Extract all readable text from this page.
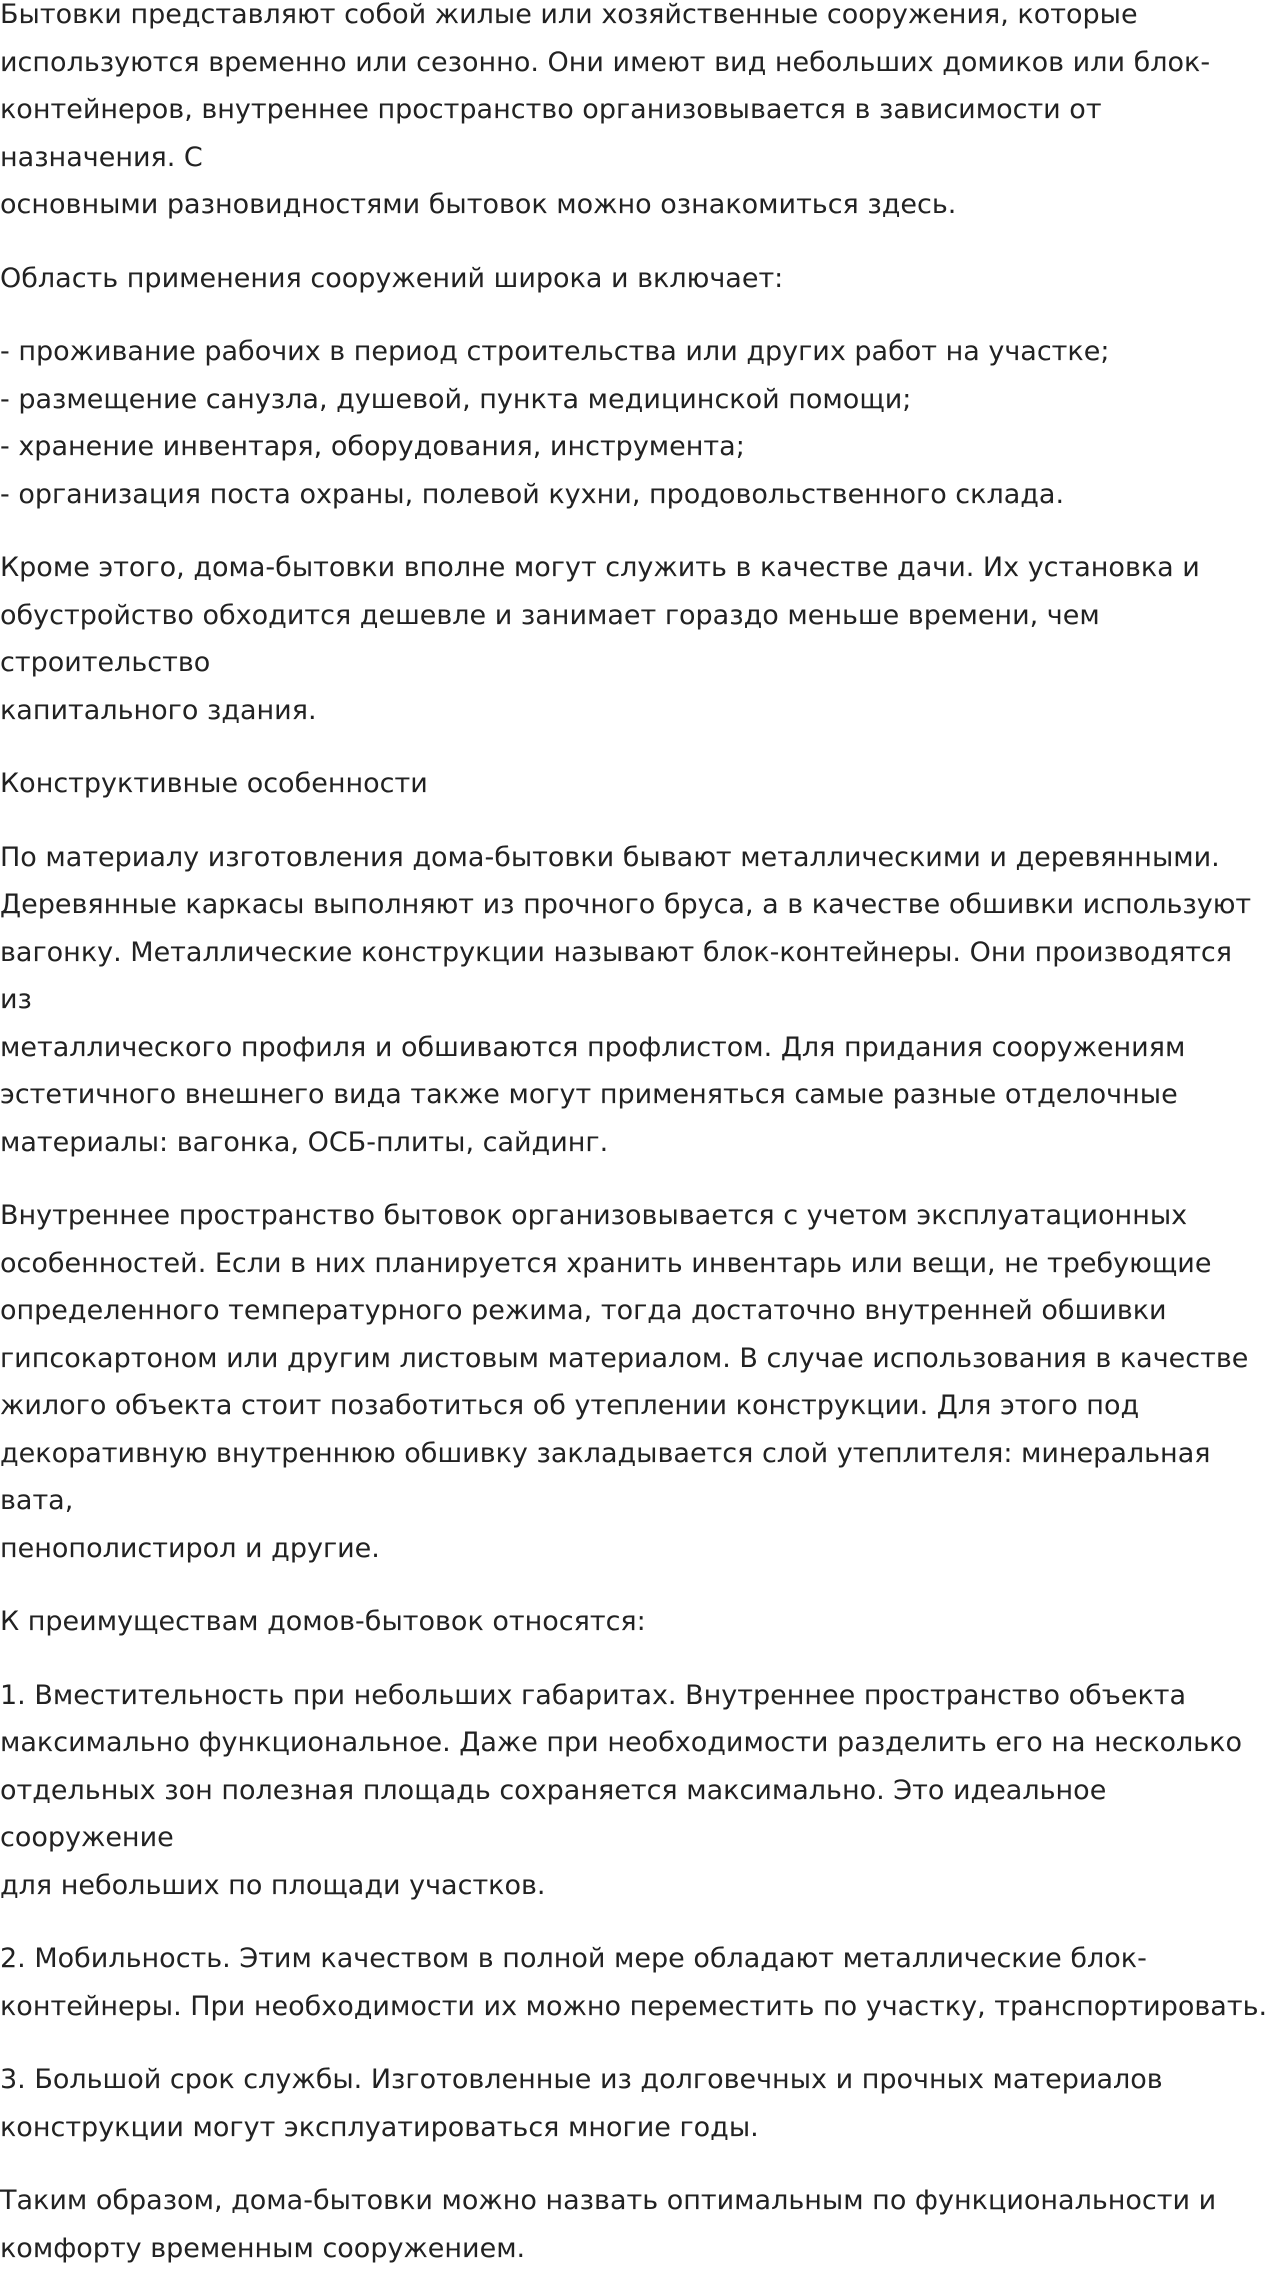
Бытовки представляют собой жилые или хозяйственные сооружения, которые
используются временно или сезонно. Они имеют вид небольших домиков или блок-
контейнеров, внутреннее пространство организовывается в зависимости от назначения. С
основными разновидностями бытовок можно ознакомиться здесь.

Область применения сооружений широка и включает:

- проживание рабочих в период строительства или других работ на участке;
- размещение санузла, душевой, пункта медицинской помощи;
- хранение инвентаря, оборудования, инструмента;
- организация поста охраны, полевой кухни, продовольственного склада.

Кроме этого, дома-бытовки вполне могут служить в качестве дачи. Их установка и
обустройство обходится дешевле и занимает гораздо меньше времени, чем строительство
капитального здания.

Конструктивные особенности

По материалу изготовления дома-бытовки бывают металлическими и деревянными.
Деревянные каркасы выполняют из прочного бруса, а в качестве обшивки используют
вагонку. Металлические конструкции называют блок-контейнеры. Они производятся из
металлического профиля и обшиваются профлистом. Для придания сооружениям
эстетичного внешнего вида также могут применяться самые разные отделочные
материалы: вагонка, ОСБ-плиты, сайдинг.

Внутреннее пространство бытовок организовывается с учетом эксплуатационных
особенностей. Если в них планируется хранить инвентарь или вещи, не требующие
определенного температурного режима, тогда достаточно внутренней обшивки
гипсокартоном или другим листовым материалом. В случае использования в качестве
жилого объекта стоит позаботиться об утеплении конструкции. Для этого под
декоративную внутреннюю обшивку закладывается слой утеплителя: минеральная вата,
пенополистирол и другие.

К преимуществам домов-бытовок относятся:

1. Вместительность при небольших габаритах. Внутреннее пространство объекта
максимально функциональное. Даже при необходимости разделить его на несколько
отдельных зон полезная площадь сохраняется максимально. Это идеальное сооружение
для небольших по площади участков.

2. Мобильность. Этим качеством в полной мере обладают металлические блок-
контейнеры. При необходимости их можно переместить по участку, транспортировать.

3. Большой срок службы. Изготовленные из долговечных и прочных материалов
конструкции могут эксплуатироваться многие годы.

Таким образом, дома-бытовки можно назвать оптимальным по функциональности и
комфорту временным сооружением.
